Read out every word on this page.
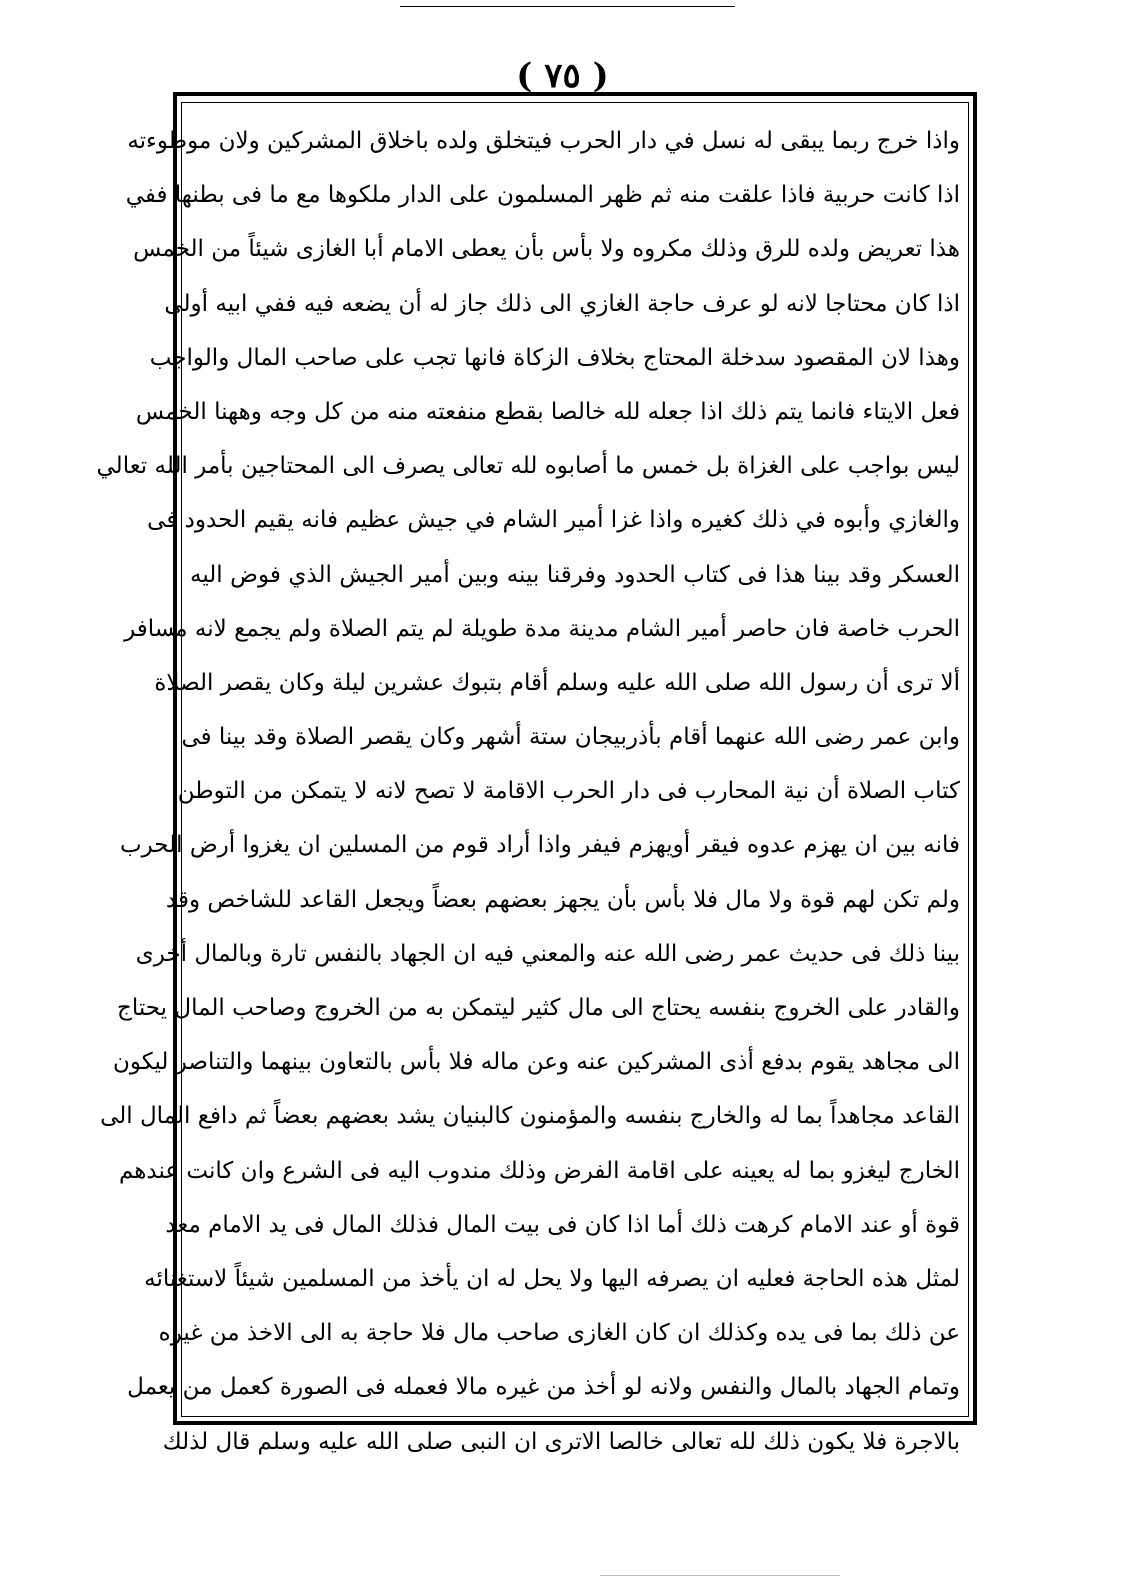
( ٧٥ )
واذا خرج ربما يبقى له نسل في دار الحرب فيتخلق ولده باخلاق المشركين ولان موطوءته
اذا كانت حربية فاذا علقت منه ثم ظهر المسلمون على الدار ملكوها مع ما فى بطنها ففي
هذا تعريض ولده للرق وذلك مكروه ولا بأس بأن يعطى الامام أبا الغازى شيئاً من الخمس
اذا كان محتاجا لانه لو عرف حاجة الغازي الى ذلك جاز له أن يضعه فيه ففي ابيه أولى
وهذا لان المقصود سدخلة المحتاج بخلاف الزكاة فانها تجب على صاحب المال والواجب
فعل الايتاء فانما يتم ذلك اذا جعله لله خالصا بقطع منفعته منه من كل وجه وههنا الخمس
ليس بواجب على الغزاة بل خمس ما أصابوه لله تعالى يصرف الى المحتاجين بأمر الله تعالي
والغازي وأبوه في ذلك كغيره واذا غزا أمير الشام في جيش عظيم فانه يقيم الحدود فى
العسكر وقد بينا هذا فى كتاب الحدود وفرقنا بينه وبين أمير الجيش الذي فوض اليه
الحرب خاصة فان حاصر أمير الشام مدينة مدة طويلة لم يتم الصلاة ولم يجمع لانه مسافر
ألا ترى أن رسول الله صلى الله عليه وسلم أقام بتبوك عشرين ليلة وكان يقصر الصلاة
وابن عمر رضى الله عنهما أقام بأذربيجان ستة أشهر وكان يقصر الصلاة وقد بينا فى
كتاب الصلاة أن نية المحارب فى دار الحرب الاقامة لا تصح لانه لا يتمكن من التوطن
فانه بين ان يهزم عدوه فيقر أويهزم فيفر واذا أراد قوم من المسلين ان يغزوا أرض الحرب
ولم تكن لهم قوة ولا مال فلا بأس بأن يجهز بعضهم بعضاً ويجعل القاعد للشاخص وقد
بينا ذلك فى حديث عمر رضى الله عنه والمعني فيه ان الجهاد بالنفس تارة وبالمال أخرى
والقادر على الخروج بنفسه يحتاج الى مال كثير ليتمكن به من الخروج وصاحب المال يحتاج
الى مجاهد يقوم بدفع أذى المشركين عنه وعن ماله فلا بأس بالتعاون بينهما والتناصر ليكون
القاعد مجاهداً بما له والخارج بنفسه والمؤمنون كالبنيان يشد بعضهم بعضاً ثم دافع المال الى
الخارج ليغزو بما له يعينه على اقامة الفرض وذلك مندوب اليه فى الشرع وان كانت عندهم
قوة أو عند الامام كرهت ذلك أما اذا كان فى بيت المال فذلك المال فى يد الامام معد
لمثل هذه الحاجة فعليه ان يصرفه اليها ولا يحل له ان يأخذ من المسلمين شيئاً لاستغنائه
عن ذلك بما فى يده وكذلك ان كان الغازى صاحب مال فلا حاجة به الى الاخذ من غيره
وتمام الجهاد بالمال والنفس ولانه لو أخذ من غيره مالا فعمله فى الصورة كعمل من يعمل
بالاجرة فلا يكون ذلك لله تعالى خالصا الاترى ان النبى صلى الله عليه وسلم قال لذلك
